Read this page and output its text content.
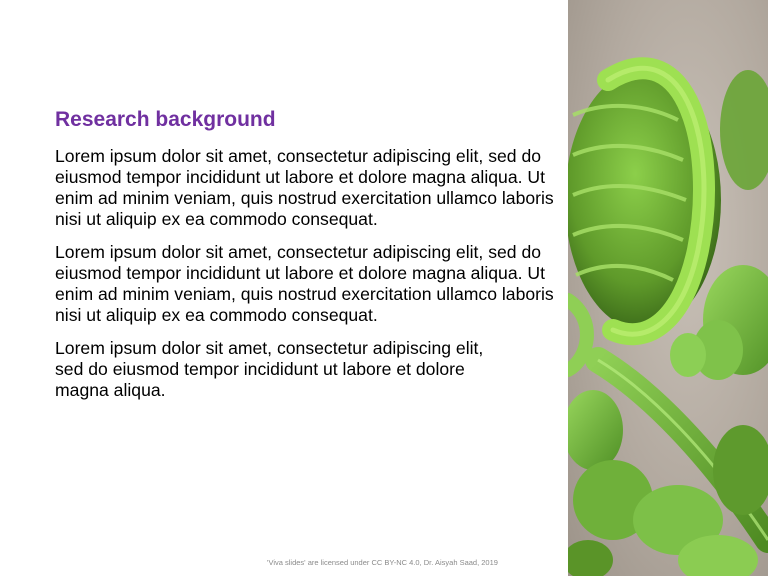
Research background

Lorem ipsum dolor sit amet, consectetur adipiscing elit, sed do eiusmod tempor incididunt ut labore et dolore magna aliqua. Ut enim ad minim veniam, quis nostrud exercitation ullamco laboris nisi ut aliquip ex ea commodo consequat.

Lorem ipsum dolor sit amet, consectetur adipiscing elit, sed do eiusmod tempor incididunt ut labore et dolore magna aliqua. Ut enim ad minim veniam, quis nostrud exercitation ullamco laboris nisi ut aliquip ex ea commodo consequat.

Lorem ipsum dolor sit amet, consectetur adipiscing elit, sed do eiusmod tempor incididunt ut labore et dolore magna aliqua.

'Viva slides' are licensed under CC BY-NC 4.0, Dr. Aisyah Saad, 2019
